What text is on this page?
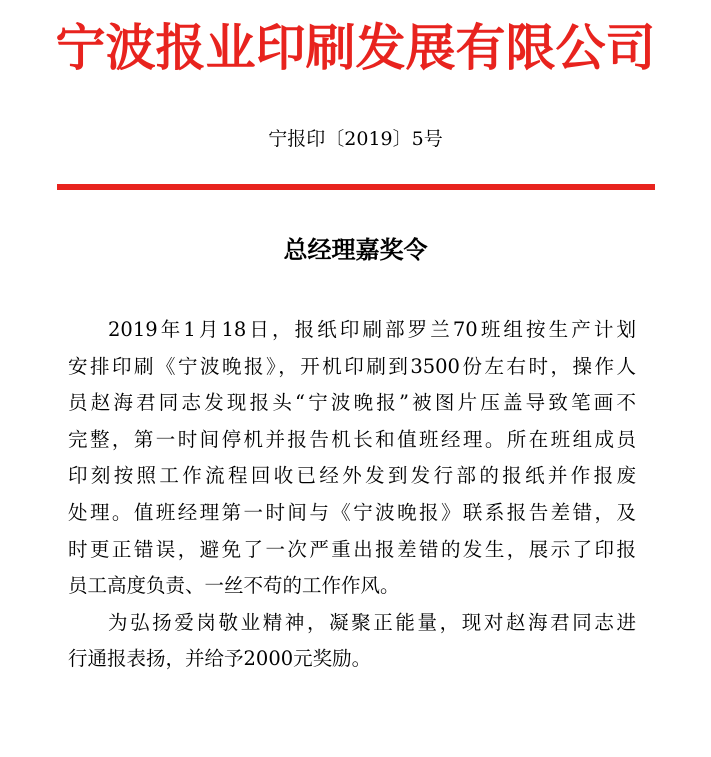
宁波报业印刷发展有限公司
宁报印〔2019〕5号
总经理嘉奖令
2019年1月18日，报纸印刷部罗兰70班组按生产计划
安排印刷《宁波晚报》，开机印刷到3500份左右时，操作人
员赵海君同志发现报头“宁波晚报”被图片压盖导致笔画不
完整，第一时间停机并报告机长和值班经理。所在班组成员
印刻按照工作流程回收已经外发到发行部的报纸并作报废
处理。值班经理第一时间与《宁波晚报》联系报告差错，及
时更正错误，避免了一次严重出报差错的发生，展示了印报
员工高度负责、一丝不苟的工作作风。
为弘扬爱岗敬业精神，凝聚正能量，现对赵海君同志进
行通报表扬，并给予2000元奖励。
